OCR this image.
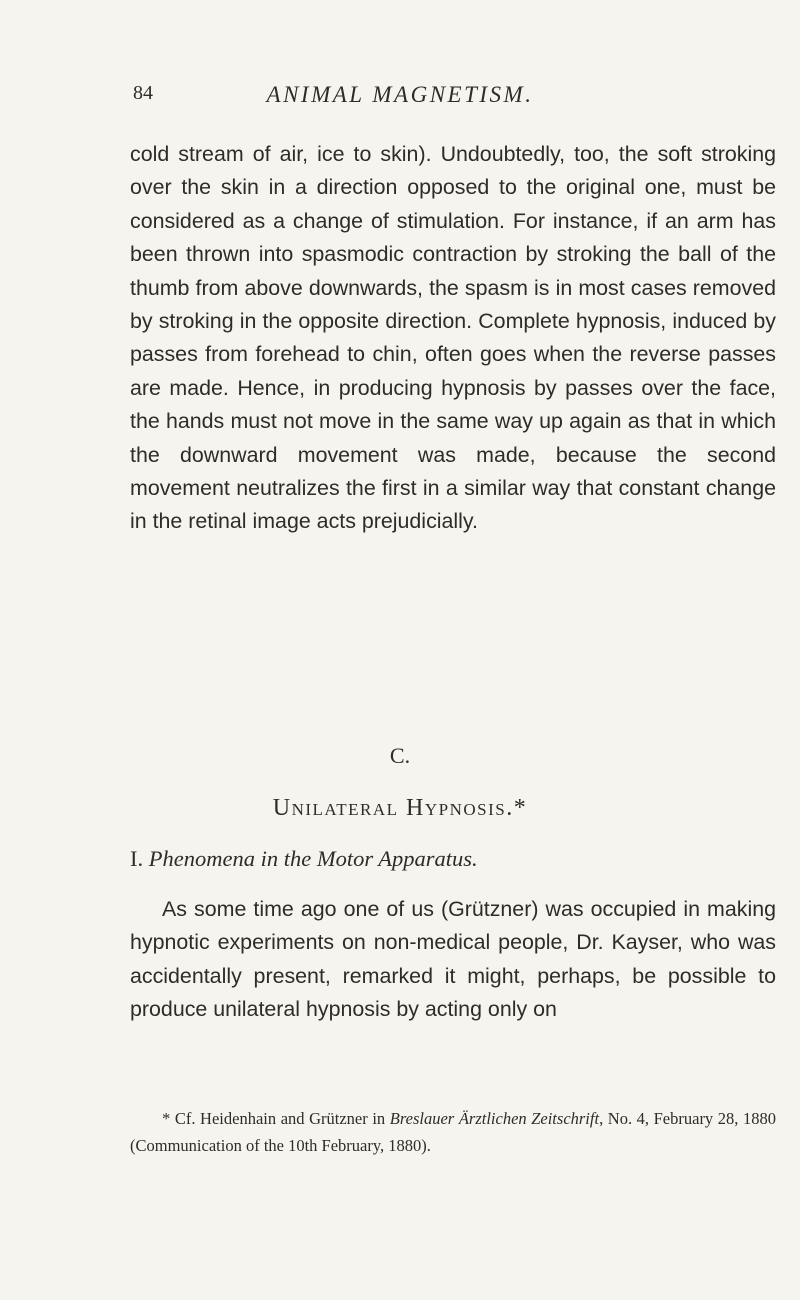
84	ANIMAL MAGNETISM.

cold stream of air, ice to skin). Undoubtedly, too, the soft stroking over the skin in a direction opposed to the original one, must be considered as a change of stimulation. For instance, if an arm has been thrown into spasmodic contraction by stroking the ball of the thumb from above downwards, the spasm is in most cases removed by stroking in the opposite direction. Complete hypnosis, induced by passes from forehead to chin, often goes when the reverse passes are made. Hence, in producing hypnosis by passes over the face, the hands must not move in the same way up again as that in which the downward movement was made, because the second movement neutralizes the first in a similar way that constant change in the retinal image acts prejudicially.

C.
Unilateral Hypnosis.*
I. Phenomena in the Motor Apparatus.

As some time ago one of us (Grützner) was occupied in making hypnotic experiments on non-medical people, Dr. Kayser, who was accidentally present, remarked it might, perhaps, be possible to produce unilateral hypnosis by acting only on

* Cf. Heidenhain and Grützner in Breslauer Ärztlichen Zeitschrift, No. 4, February 28, 1880 (Communication of the 10th February, 1880).
